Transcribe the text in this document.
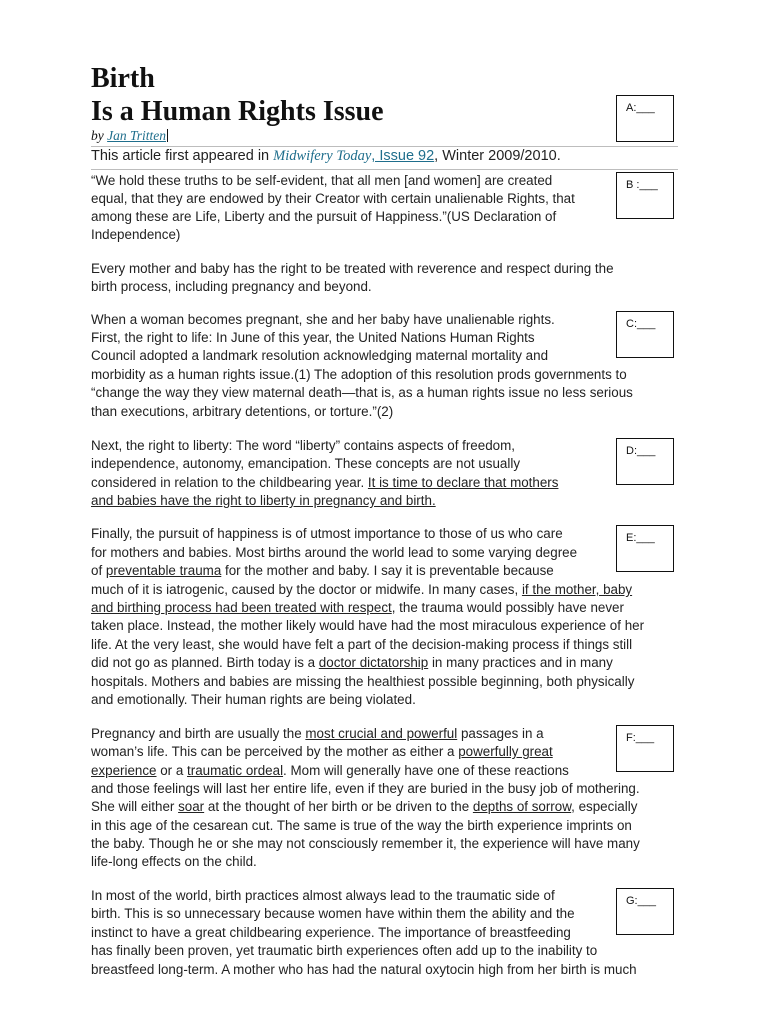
Birth
Is a Human Rights Issue
by Jan Tritten
This article first appeared in Midwifery Today, Issue 92, Winter 2009/2010.
“We hold these truths to be self-evident, that all men [and women] are created
equal, that they are endowed by their Creator with certain unalienable Rights, that
among these are Life, Liberty and the pursuit of Happiness.”(US Declaration of
Independence)
Every mother and baby has the right to be treated with reverence and respect during the
birth process, including pregnancy and beyond.
When a woman becomes pregnant, she and her baby have unalienable rights.
First, the right to life: In June of this year, the United Nations Human Rights
Council adopted a landmark resolution acknowledging maternal mortality and
morbidity as a human rights issue.(1) The adoption of this resolution prods governments to
“change the way they view maternal death—that is, as a human rights issue no less serious
than executions, arbitrary detentions, or torture.”(2)
Next, the right to liberty: The word “liberty” contains aspects of freedom,
independence, autonomy, emancipation. These concepts are not usually
considered in relation to the childbearing year. It is time to declare that mothers
and babies have the right to liberty in pregnancy and birth.
Finally, the pursuit of happiness is of utmost importance to those of us who care
for mothers and babies. Most births around the world lead to some varying degree
of preventable trauma for the mother and baby. I say it is preventable because
much of it is iatrogenic, caused by the doctor or midwife. In many cases, if the mother, baby
and birthing process had been treated with respect, the trauma would possibly have never
taken place. Instead, the mother likely would have had the most miraculous experience of her
life. At the very least, she would have felt a part of the decision-making process if things still
did not go as planned. Birth today is a doctor dictatorship in many practices and in many
hospitals. Mothers and babies are missing the healthiest possible beginning, both physically
and emotionally. Their human rights are being violated.
Pregnancy and birth are usually the most crucial and powerful passages in a
woman’s life. This can be perceived by the mother as either a powerfully great
experience or a traumatic ordeal. Mom will generally have one of these reactions
and those feelings will last her entire life, even if they are buried in the busy job of mothering.
She will either soar at the thought of her birth or be driven to the depths of sorrow, especially
in this age of the cesarean cut. The same is true of the way the birth experience imprints on
the baby. Though he or she may not consciously remember it, the experience will have many
life-long effects on the child.
In most of the world, birth practices almost always lead to the traumatic side of
birth. This is so unnecessary because women have within them the ability and the
instinct to have a great childbearing experience. The importance of breastfeeding
has finally been proven, yet traumatic birth experiences often add up to the inability to
breastfeed long-term. A mother who has had the natural oxytocin high from her birth is much
A:___
B :___
C:___
D:___
E:___
F:___
G:___
